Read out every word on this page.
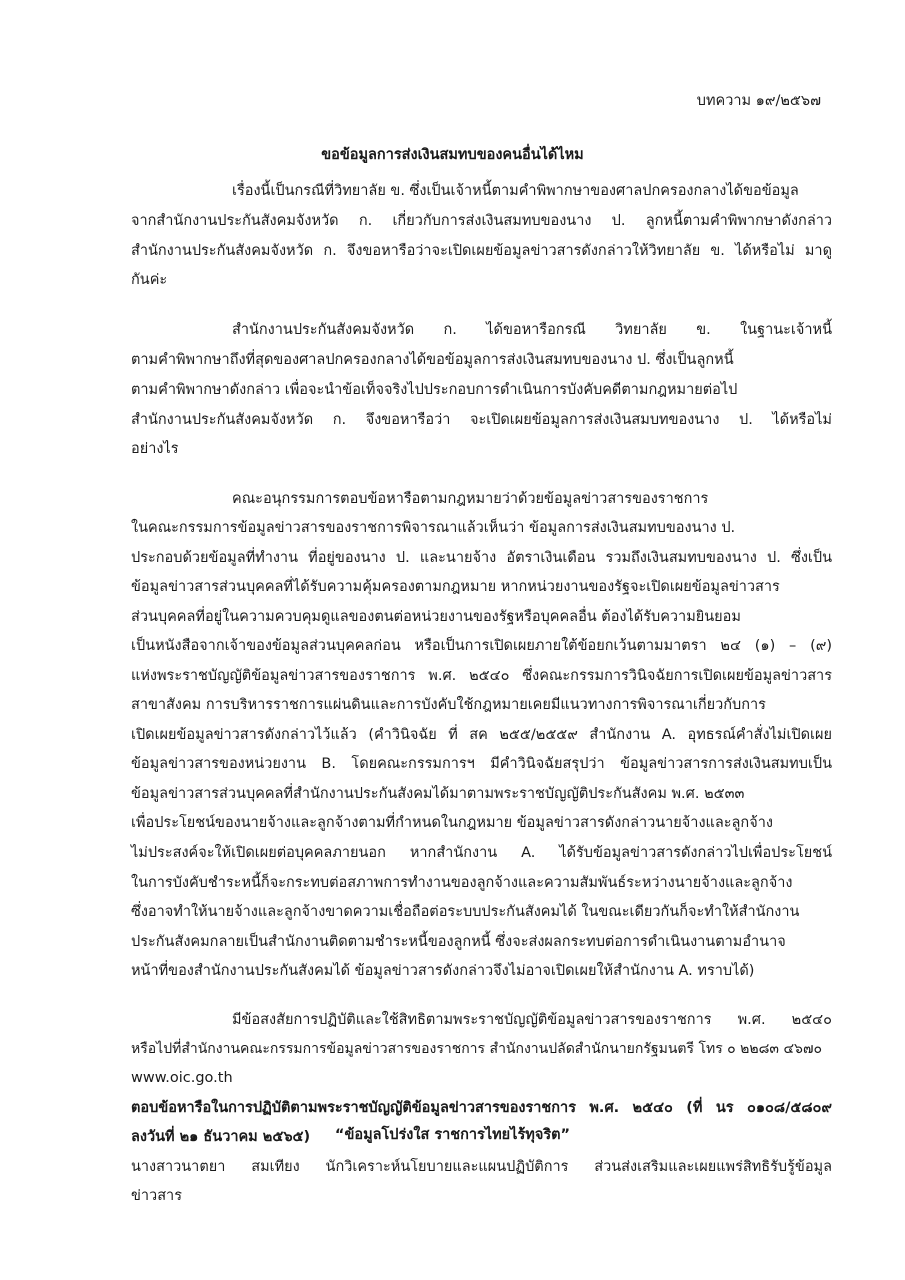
บทความ ๑๙/๒๕๖๗
ขอข้อมูลการส่งเงินสมทบของคนอื่นได้ไหม
เรื่องนี้เป็นกรณีที่วิทยาลัย ข. ซึ่งเป็นเจ้าหนี้ตามคำพิพากษาของศาลปกครองกลางได้ขอข้อมูล
จากสำนักงานประกันสังคมจังหวัด ก. เกี่ยวกับการส่งเงินสมทบของนาง ป. ลูกหนี้ตามคำพิพากษาดังกล่าว
สำนักงานประกันสังคมจังหวัด ก. จึงขอหารือว่าจะเปิดเผยข้อมูลข่าวสารดังกล่าวให้วิทยาลัย ข. ได้หรือไม่ มาดู
กันค่ะ
สำนักงานประกันสังคมจังหวัด ก. ได้ขอหารือกรณี วิทยาลัย ข. ในฐานะเจ้าหนี้
ตามคำพิพากษาถึงที่สุดของศาลปกครองกลางได้ขอข้อมูลการส่งเงินสมทบของนาง ป. ซึ่งเป็นลูกหนี้
ตามคำพิพากษาดังกล่าว เพื่อจะนำข้อเท็จจริงไปประกอบการดำเนินการบังคับคดีตามกฎหมายต่อไป
สำนักงานประกันสังคมจังหวัด ก. จึงขอหารือว่า จะเปิดเผยข้อมูลการส่งเงินสมบทของนาง ป. ได้หรือไม่
อย่างไร
คณะอนุกรรมการตอบข้อหารือตามกฎหมายว่าด้วยข้อมูลข่าวสารของราชการ
ในคณะกรรมการข้อมูลข่าวสารของราชการพิจารณาแล้วเห็นว่า ข้อมูลการส่งเงินสมทบของนาง ป.
ประกอบด้วยข้อมูลที่ทำงาน ที่อยู่ของนาง ป. และนายจ้าง อัตราเงินเดือน รวมถึงเงินสมทบของนาง ป. ซึ่งเป็น
ข้อมูลข่าวสารส่วนบุคคลที่ได้รับความคุ้มครองตามกฎหมาย หากหน่วยงานของรัฐจะเปิดเผยข้อมูลข่าวสาร
ส่วนบุคคลที่อยู่ในความควบคุมดูแลของตนต่อหน่วยงานของรัฐหรือบุคคลอื่น ต้องได้รับความยินยอม
เป็นหนังสือจากเจ้าของข้อมูลส่วนบุคคลก่อน หรือเป็นการเปิดเผยภายใต้ข้อยกเว้นตามมาตรา ๒๔ (๑) – (๙)
แห่งพระราชบัญญัติข้อมูลข่าวสารของราชการ พ.ศ. ๒๕๔๐ ซึ่งคณะกรรมการวินิจฉัยการเปิดเผยข้อมูลข่าวสาร
สาขาสังคม การบริหารราชการแผ่นดินและการบังคับใช้กฎหมายเคยมีแนวทางการพิจารณาเกี่ยวกับการ
เปิดเผยข้อมูลข่าวสารดังกล่าวไว้แล้ว (คำวินิจฉัย ที่ สค ๒๕๕/๒๕๕๙ สำนักงาน A. อุทธรณ์คำสั่งไม่เปิดเผย
ข้อมูลข่าวสารของหน่วยงาน B. โดยคณะกรรมการฯ มีคำวินิจฉัยสรุปว่า ข้อมูลข่าวสารการส่งเงินสมทบเป็น
ข้อมูลข่าวสารส่วนบุคคลที่สำนักงานประกันสังคมได้มาตามพระราชบัญญัติประกันสังคม พ.ศ. ๒๕๓๓
เพื่อประโยชน์ของนายจ้างและลูกจ้างตามที่กำหนดในกฎหมาย ข้อมูลข่าวสารดังกล่าวนายจ้างและลูกจ้าง
ไม่ประสงค์จะให้เปิดเผยต่อบุคคลภายนอก หากสำนักงาน A. ได้รับข้อมูลข่าวสารดังกล่าวไปเพื่อประโยชน์
ในการบังคับชำระหนี้ก็จะกระทบต่อสภาพการทำงานของลูกจ้างและความสัมพันธ์ระหว่างนายจ้างและลูกจ้าง
ซึ่งอาจทำให้นายจ้างและลูกจ้างขาดความเชื่อถือต่อระบบประกันสังคมได้ ในขณะเดียวกันก็จะทำให้สำนักงาน
ประกันสังคมกลายเป็นสำนักงานติดตามชำระหนี้ของลูกหนี้ ซึ่งจะส่งผลกระทบต่อการดำเนินงานตามอำนาจ
หน้าที่ของสำนักงานประกันสังคมได้ ข้อมูลข่าวสารดังกล่าวจึงไม่อาจเปิดเผยให้สำนักงาน A. ทราบได้)
มีข้อสงสัยการปฏิบัติและใช้สิทธิตามพระราชบัญญัติข้อมูลข่าวสารของราชการ พ.ศ. ๒๕๔๐
หรือไปที่สำนักงานคณะกรรมการข้อมูลข่าวสารของราชการ สำนักงานปลัดสำนักนายกรัฐมนตรี โทร ๐ ๒๒๘๓ ๔๖๗๐
www.oic.go.th
ตอบข้อหารือในการปฏิบัติตามพระราชบัญญัติข้อมูลข่าวสารของราชการ พ.ศ. ๒๕๔๐ (ที่ นร ๐๑๐๘/๕๘๐๙
ลงวันที่ ๒๑ ธันวาคม ๒๕๖๕)
นางสาวนาตยา สมเทียง นักวิเคราะห์นโยบายและแผนปฏิบัติการ ส่วนส่งเสริมและเผยแพร่สิทธิรับรู้ข้อมูล
ข่าวสาร
“ข้อมูลโปร่งใส ราชการไทยไร้ทุจริต”
